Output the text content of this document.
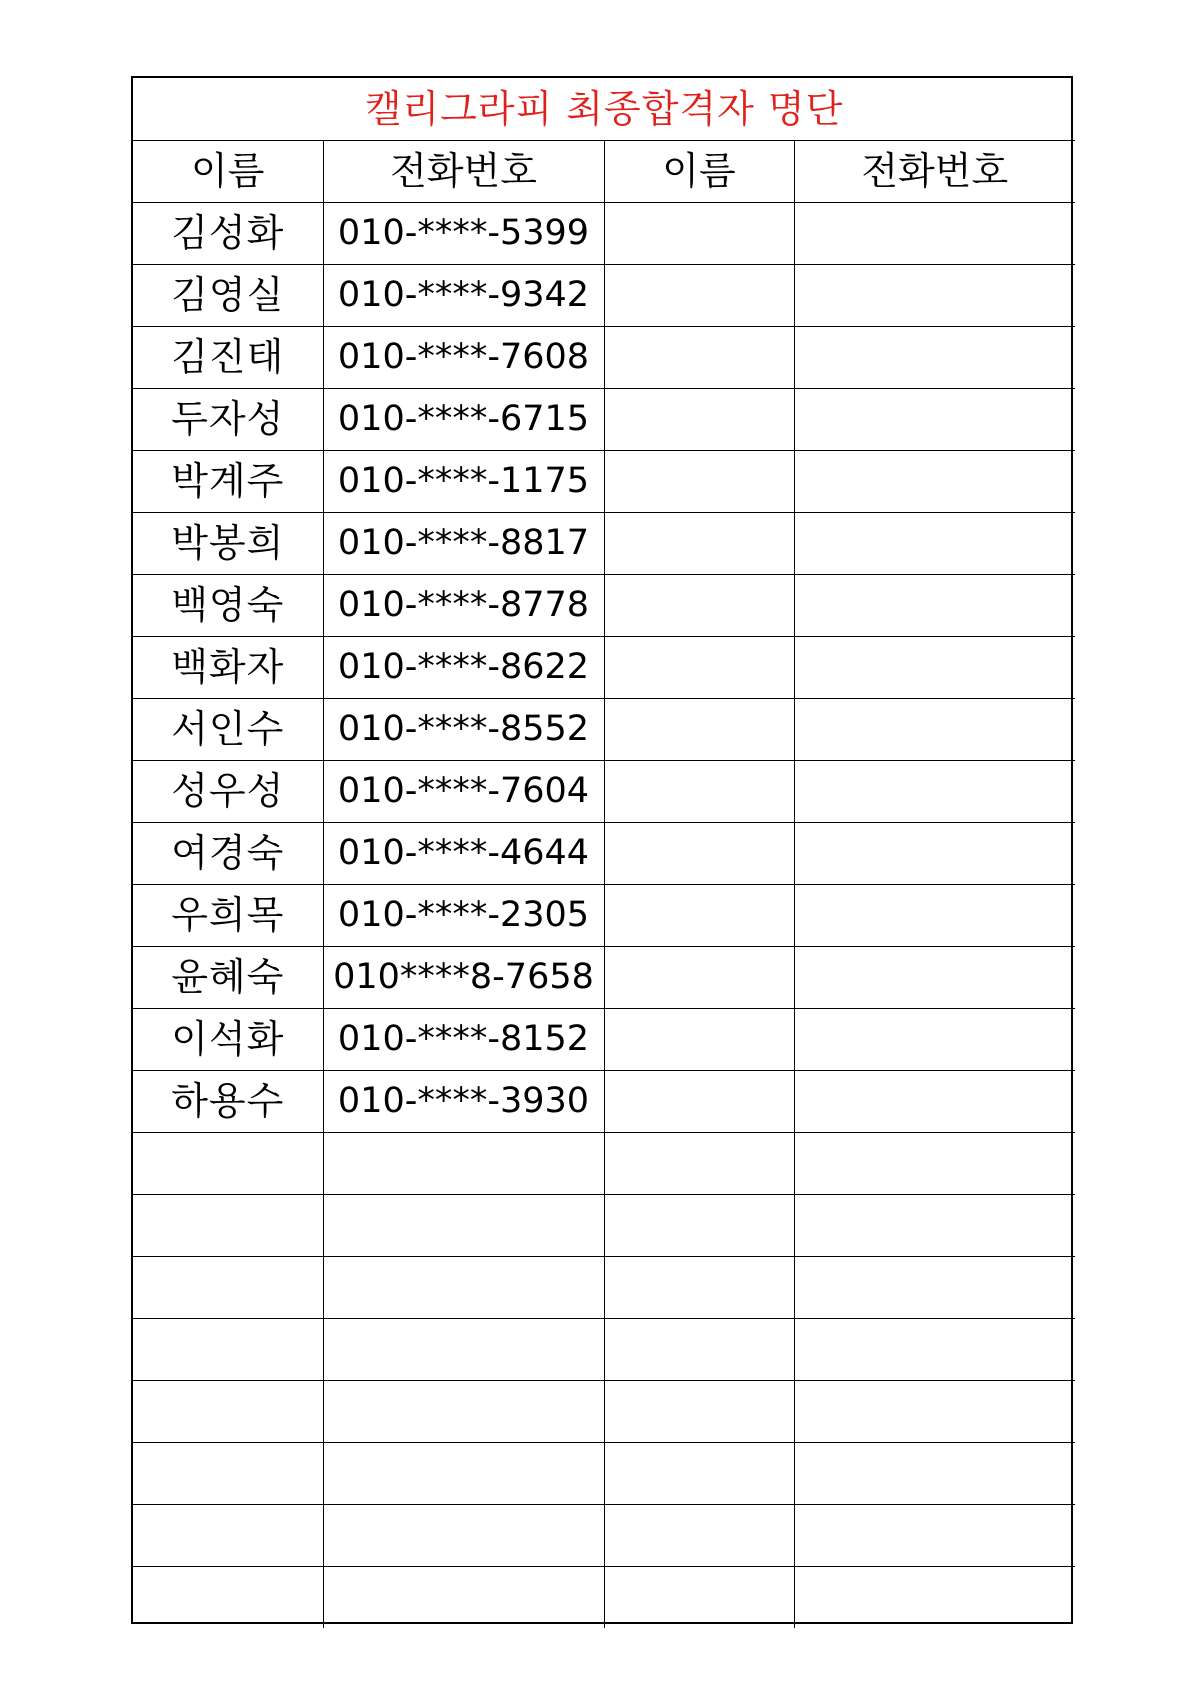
캘리그라피 최종합격자 명단			
이름	전화번호	이름	전화번호
김성화	010-****-5399		
김영실	010-****-9342		
김진태	010-****-7608		
두자성	010-****-6715		
박계주	010-****-1175		
박봉희	010-****-8817		
백영숙	010-****-8778		
백화자	010-****-8622		
서인수	010-****-8552		
성우성	010-****-7604		
여경숙	010-****-4644		
우희목	010-****-2305		
윤혜숙	010****8-7658		
이석화	010-****-8152		
하용수	010-****-3930		
